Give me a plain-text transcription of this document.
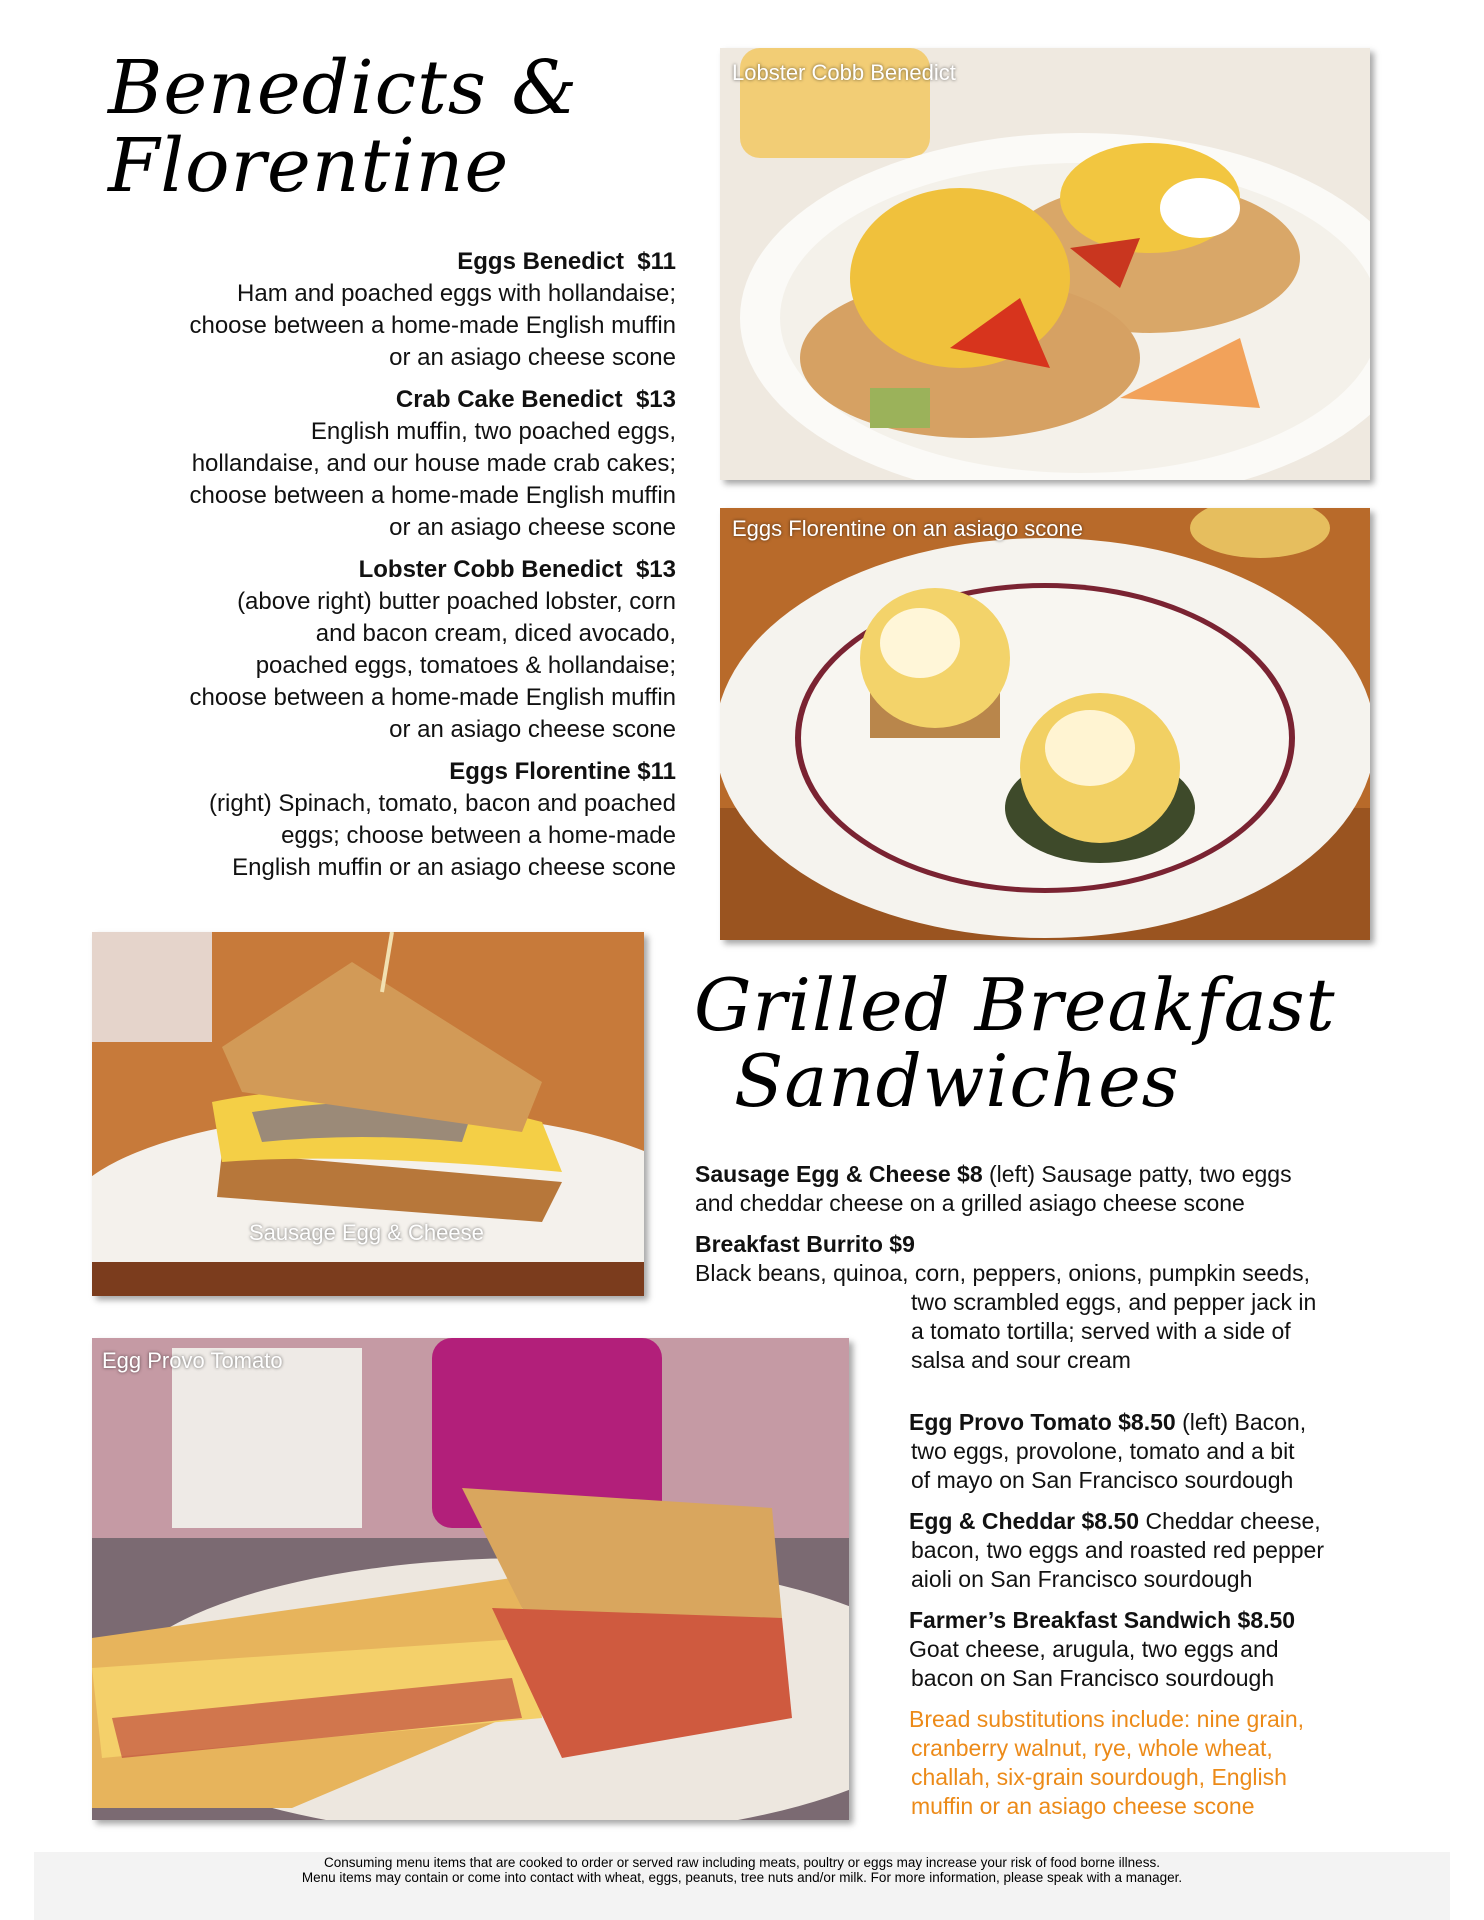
Benedicts &
Florentine
Eggs Benedict $11
Ham and poached eggs with hollandaise;
choose between a home-made English muffin
or an asiago cheese scone
Crab Cake Benedict $13
English muffin, two poached eggs,
hollandaise, and our house made crab cakes;
choose between a home-made English muffin
or an asiago cheese scone
Lobster Cobb Benedict $13
(above right) butter poached lobster, corn
and bacon cream, diced avocado,
poached eggs, tomatoes & hollandaise;
choose between a home-made English muffin
or an asiago cheese scone
Eggs Florentine $11
(right) Spinach, tomato, bacon and poached
eggs; choose between a home-made
English muffin or an asiago cheese scone
Lobster Cobb Benedict
Eggs Florentine on an asiago scone
Sausage Egg & Cheese
Egg Provo Tomato
Grilled Breakfast
Sandwiches
Sausage Egg & Cheese $8 (left) Sausage patty, two eggs
and cheddar cheese on a grilled asiago cheese scone
Breakfast Burrito $9
Black beans, quinoa, corn, peppers, onions, pumpkin seeds,
two scrambled eggs, and pepper jack in
a tomato tortilla; served with a side of
salsa and sour cream
Egg Provo Tomato $8.50 (left) Bacon,
two eggs, provolone, tomato and a bit
of mayo on San Francisco sourdough
Egg & Cheddar $8.50 Cheddar cheese,
bacon, two eggs and roasted red pepper
aioli on San Francisco sourdough
Farmer’s Breakfast Sandwich $8.50
Goat cheese, arugula, two eggs and
bacon on San Francisco sourdough
Bread substitutions include: nine grain,
cranberry walnut, rye, whole wheat,
challah, six-grain sourdough, English
muffin or an asiago cheese scone
Consuming menu items that are cooked to order or served raw including meats, poultry or eggs may increase your risk of food borne illness.
Menu items may contain or come into contact with wheat, eggs, peanuts, tree nuts and/or milk. For more information, please speak with a manager.
